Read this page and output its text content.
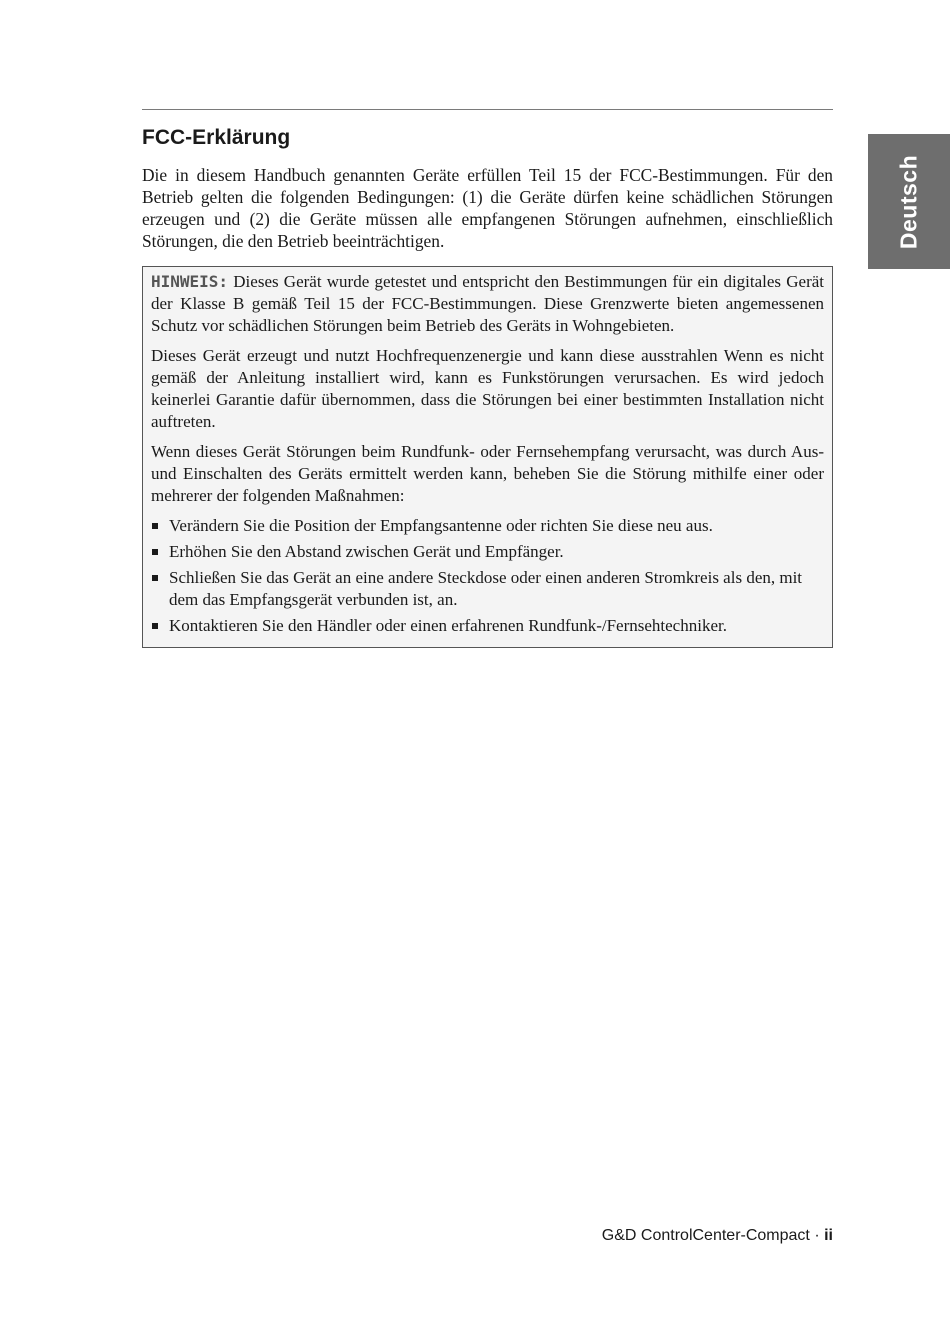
Deutsch
FCC-Erklärung

Die in diesem Handbuch genannten Geräte erfüllen Teil 15 der FCC-Bestimmungen. Für den Betrieb gelten die folgenden Bedingungen: (1) die Geräte dürfen keine schädlichen Störungen erzeugen und (2) die Geräte müssen alle empfangenen Störungen aufnehmen, einschließlich Störungen, die den Betrieb beeinträchtigen.

HINWEIS: Dieses Gerät wurde getestet und entspricht den Bestimmungen für ein digitales Gerät der Klasse B gemäß Teil 15 der FCC-Bestimmungen. Diese Grenzwerte bieten angemessenen Schutz vor schädlichen Störungen beim Betrieb des Geräts in Wohngebieten.

Dieses Gerät erzeugt und nutzt Hochfrequenzenergie und kann diese ausstrahlen Wenn es nicht gemäß der Anleitung installiert wird, kann es Funkstörungen verursachen. Es wird jedoch keinerlei Garantie dafür übernommen, dass die Störungen bei einer bestimmten Installation nicht auftreten.

Wenn dieses Gerät Störungen beim Rundfunk- oder Fernsehempfang verursacht, was durch Aus- und Einschalten des Geräts ermittelt werden kann, beheben Sie die Störung mithilfe einer oder mehrerer der folgenden Maßnahmen:

Verändern Sie die Position der Empfangsantenne oder richten Sie diese neu aus.
Erhöhen Sie den Abstand zwischen Gerät und Empfänger.
Schließen Sie das Gerät an eine andere Steckdose oder einen anderen Stromkreis als den, mit dem das Empfangsgerät verbunden ist, an.
Kontaktieren Sie den Händler oder einen erfahrenen Rundfunk-/Fernsehtechniker.
G&D ControlCenter-Compact · ii
